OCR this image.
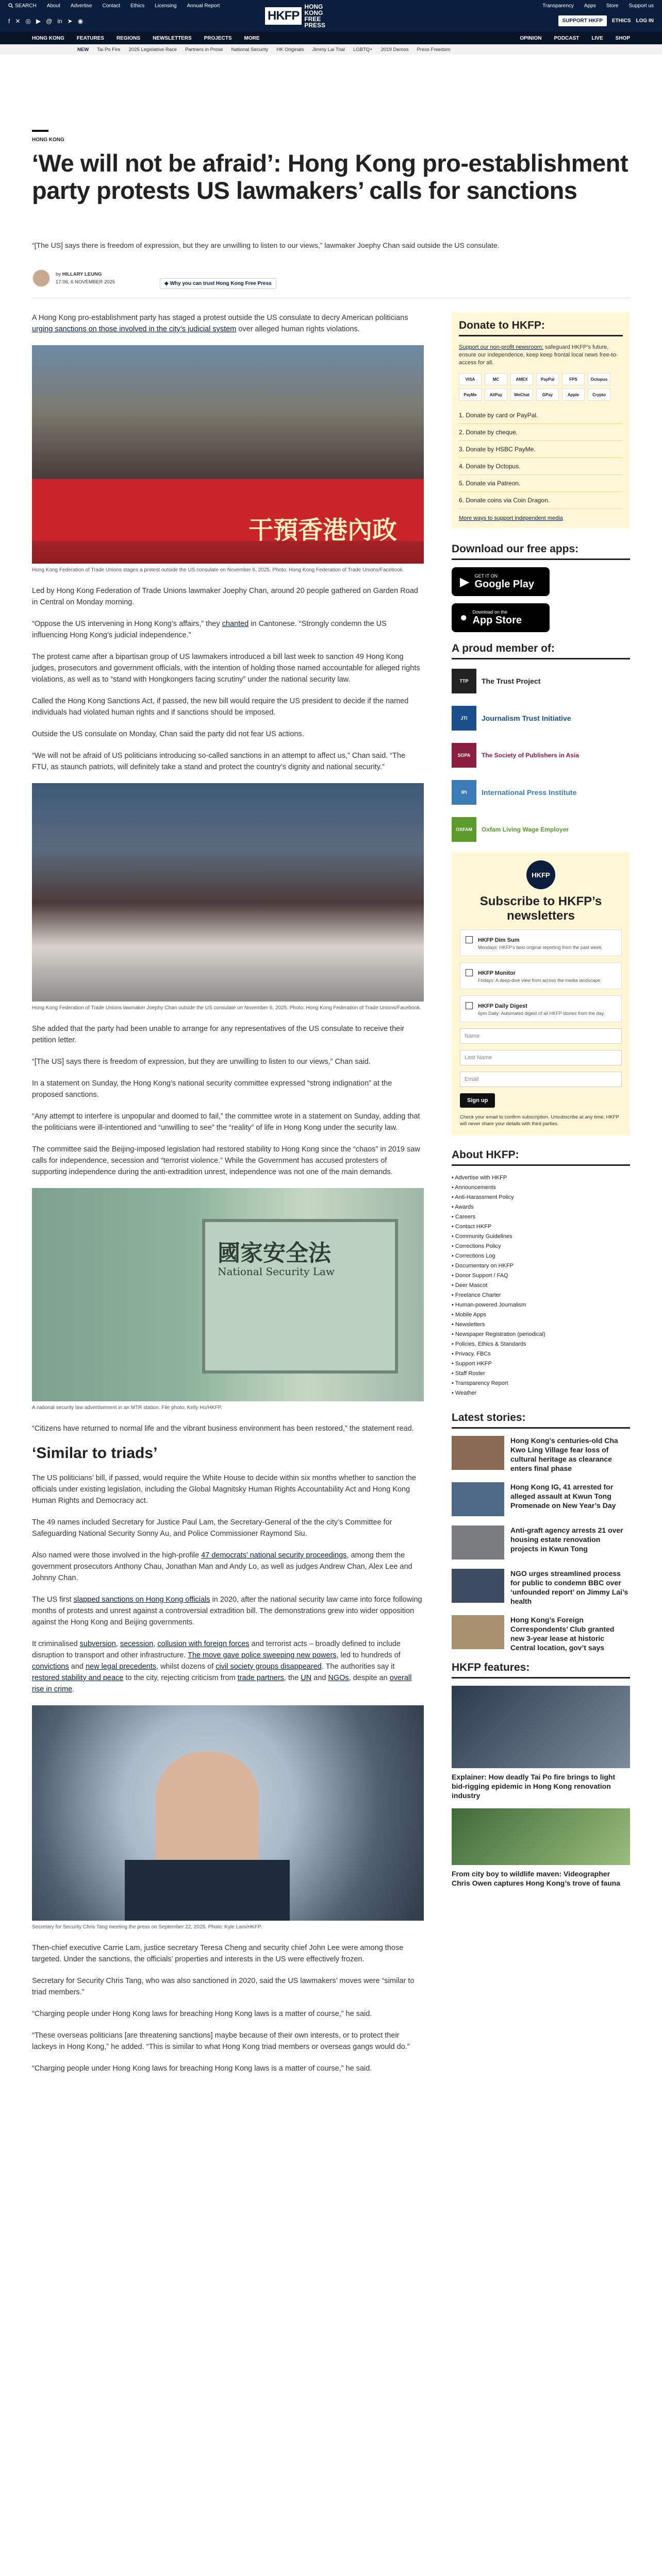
SEARCH About Advertise Contact Ethics Licensing Annual Report	Transparency Apps Store Support us
f ✕ ◎ ▶ @ in ➤ ◉	HKFP
HONG KONG
FREE PRESS
SUPPORT HKFP	ETHICS LOG IN
HONG KONG FEATURES REGIONS NEWSLETTERS PROJECTS MORE	OPINION PODCAST LIVE SHOP
NEW Tai Po Fire 2025 Legislative Race Partners in Prose National Security HK Originals Jimmy Lai Trial LGBTQ+ 2019 Demos Press Freedom
HONG KONG
‘We will not be afraid’: Hong Kong pro-establishment party protests US lawmakers’ calls for sanctions
“[The US] says there is freedom of expression, but they are unwilling to listen to our views,” lawmaker Joephy Chan said outside the US consulate.
by HILLARY LEUNG
17:06, 6 NOVEMBER 2025	◈ Why you can trust Hong Kong Free Press

A Hong Kong pro-establishment party has staged a protest outside the US consulate to decry American politicians urging sanctions on those involved in the city’s judicial system over alleged human rights violations.

干預香港內政

Hong Kong Federation of Trade Unions stages a protest outside the US consulate on November 6, 2025. Photo: Hong Kong Federation of Trade Unions/Facebook.

Led by Hong Kong Federation of Trade Unions lawmaker Joephy Chan, around 20 people gathered on Garden Road in Central on Monday morning.

“Oppose the US intervening in Hong Kong’s affairs,” they chanted in Cantonese. “Strongly condemn the US influencing Hong Kong’s judicial independence.”

The protest came after a bipartisan group of US lawmakers introduced a bill last week to sanction 49 Hong Kong judges, prosecutors and government officials, with the intention of holding those named accountable for alleged rights violations, as well as to “stand with Hongkongers facing scrutiny” under the national security law.

Called the Hong Kong Sanctions Act, if passed, the new bill would require the US president to decide if the named individuals had violated human rights and if sanctions should be imposed.

Outside the US consulate on Monday, Chan said the party did not fear US actions.

“We will not be afraid of US politicians introducing so-called sanctions in an attempt to affect us,” Chan said. “The FTU, as staunch patriots, will definitely take a stand and protect the country’s dignity and national security.”

Hong Kong Federation of Trade Unions lawmaker Joephy Chan outside the US consulate on November 6, 2025. Photo: Hong Kong Federation of Trade Unions/Facebook.

She added that the party had been unable to arrange for any representatives of the US consulate to receive their petition letter.

“[The US] says there is freedom of expression, but they are unwilling to listen to our views,” Chan said.

In a statement on Sunday, the Hong Kong’s national security committee expressed “strong indignation” at the proposed sanctions.

“Any attempt to interfere is unpopular and doomed to fail,” the committee wrote in a statement on Sunday, adding that the politicians were ill-intentioned and “unwilling to see” the “reality” of life in Hong Kong under the security law.

The committee said the Beijing-imposed legislation had restored stability to Hong Kong since the “chaos” in 2019 saw calls for independence, secession and “terrorist violence.” While the Government has accused protesters of supporting independence during the anti-extradition unrest, independence was not one of the main demands.

國家安全法
National Security Law

A national security law advertisement in an MTR station. File photo: Kelly Ho/HKFP.

“Citizens have returned to normal life and the vibrant business environment has been restored,” the statement read.

‘Similar to triads’

The US politicians’ bill, if passed, would require the White House to decide within six months whether to sanction the officials under existing legislation, including the Global Magnitsky Human Rights Accountability Act and Hong Kong Human Rights and Democracy act.

The 49 names included Secretary for Justice Paul Lam, the Secretary-General of the the city’s Committee for Safeguarding National Security Sonny Au, and Police Commissioner Raymond Siu.

Also named were those involved in the high-profile 47 democrats’ national security proceedings, among them the government prosecutors Anthony Chau, Jonathan Man and Andy Lo, as well as judges Andrew Chan, Alex Lee and Johnny Chan.

The US first slapped sanctions on Hong Kong officials in 2020, after the national security law came into force following months of protests and unrest against a controversial extradition bill. The demonstrations grew into wider opposition against the Hong Kong and Beijing governments.

It criminalised subversion, secession, collusion with foreign forces and terrorist acts – broadly defined to include disruption to transport and other infrastructure. The move gave police sweeping new powers, led to hundreds of convictions and new legal precedents, whilst dozens of civil society groups disappeared. The authorities say it restored stability and peace to the city, rejecting criticism from trade partners, the UN and NGOs, despite an overall rise in crime.

Secretary for Security Chris Tang meeting the press on September 22, 2025. Photo: Kyle Lam/HKFP.

Then-chief executive Carrie Lam, justice secretary Teresa Cheng and security chief John Lee were among those targeted. Under the sanctions, the officials’ properties and interests in the US were effectively frozen.

Secretary for Security Chris Tang, who was also sanctioned in 2020, said the US lawmakers’ moves were “similar to triad members.”

“Charging people under Hong Kong laws for breaching Hong Kong laws is a matter of course,” he said.

“These overseas politicians [are threatening sanctions] maybe because of their own interests, or to protect their lackeys in Hong Kong,” he added. “This is similar to what Hong Kong triad members or overseas gangs would do.”

“Charging people under Hong Kong laws for breaching Hong Kong laws is a matter of course,” he said.

Donate to HKFP:

Support our non-profit newsroom: safeguard HKFP’s future, ensure our independence, keep keep frontal local news free-to-access for all.

VISA	MC	AMEX	PayPal	FPS	Octopus
PayMe	AliPay	WeChat	GPay	Apple	Crypto
1. Donate by card or PayPal.
2. Donate by cheque.
3. Donate by HSBC PayMe.
4. Donate by Octopus.
5. Donate via Patreon.
6. Donate coins via Coin Dragon.

More ways to support independent media

Download our free apps:
▶ GET IT ON
Google Play
● Download on the
App Store
A proud member of:
TTP	The Trust Project
JTI	Journalism Trust Initiative
SOPA	The Society of Publishers in Asia
IPI	International Press Institute
OXFAM	Oxfam Living Wage Employer
HKFP
Subscribe to HKFP’s newsletters
HKFP Dim Sum

Mondays: HKFP’s best original reporting from the past week.

HKFP Monitor

Fridays: A deep-dive view from across the media landscape.

HKFP Daily Digest

6pm Daily: Automated digest of all HKFP stories from the day.

Name
Last Name
Email
Sign up

Check your email to confirm subscription. Unsubscribe at any time. HKFP will never share your details with third parties.

About HKFP:
• Advertise with HKFP
• Announcements
• Anti-Harassment Policy
• Awards
• Careers
• Contact HKFP
• Community Guidelines
• Corrections Policy
• Corrections Log
• Documentary on HKFP
• Donor Support / FAQ
• Deer Mascot
• Freelance Charter
• Human-powered Journalism
• Mobile Apps
• Newsletters
• Newspaper Registration (periodical)
• Policies, Ethics & Standards
• Privacy, FBCs
• Support HKFP
• Staff Roster
• Transparency Report
• Weather
Latest stories:
Hong Kong’s centuries-old Cha Kwo Ling Village fear loss of cultural heritage as clearance enters final phase
Hong Kong IG, 41 arrested for alleged assault at Kwun Tong Promenade on New Year’s Day
Anti-graft agency arrests 21 over housing estate renovation projects in Kwun Tong
NGO urges streamlined process for public to condemn BBC over ‘unfounded report’ on Jimmy Lai’s health
Hong Kong’s Foreign Correspondents’ Club granted new 3-year lease at historic Central location, gov’t says
HKFP features:
Explainer: How deadly Tai Po fire brings to light bid-rigging epidemic in Hong Kong renovation industry
From city boy to wildlife maven: Videographer Chris Owen captures Hong Kong’s trove of fauna
